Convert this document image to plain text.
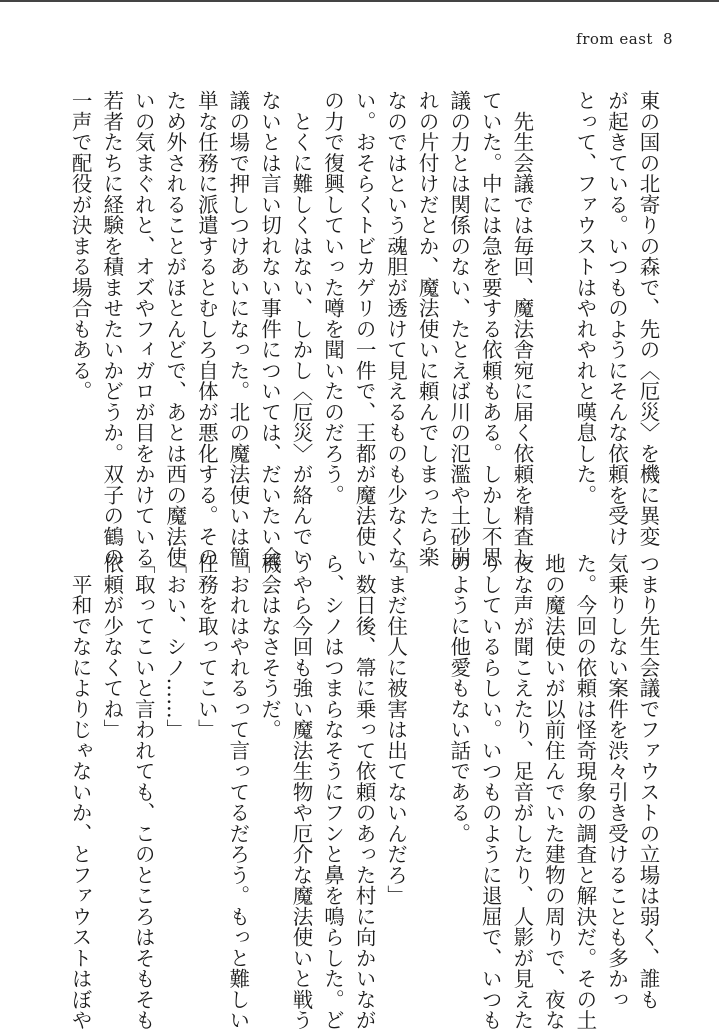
from east 8
東の国の北寄りの森で、先の〈厄災〉を機に異変
が起きている。いつものようにそんな依頼を受け
とって、ファウストはやれやれと嘆息した。
　先生会議では毎回、魔法舎宛に届く依頼を精査し
ていた。中には急を要する依頼もある。しかし不思
議の力とは関係のない、たとえば川の氾濫や土砂崩
れの片付けだとか、魔法使いに頼んでしまったら楽
なのではという魂胆が透けて見えるものも少なくな
い。おそらくトビカゲリの一件で、王都が魔法使い
の力で復興していった噂を聞いたのだろう。
　とくに難しくはない、しかし〈厄災〉が絡んでい
ないとは言い切れない事件については、だいたい会
議の場で押しつけあいになった。北の魔法使いは簡
単な任務に派遣するとむしろ自体が悪化する。その
ため外されることがほとんどで、あとは西の魔法使
いの気まぐれと、オズやフィガロが目をかけている
若者たちに経験を積ませたいかどうか。双子の鶴の
一声で配役が決まる場合もある。
つまり先生会議でファウストの立場は弱く、誰も
気乗りしない案件を渋々引き受けることも多かっ
た。今回の依頼は怪奇現象の調査と解決だ。その土
地の魔法使いが以前住んでいた建物の周りで、夜な
夜な声が聞こえたり、足音がしたり、人影が見えた
りしているらしい。いつものように退屈で、いつも
のように他愛もない話である。
「まだ住人に被害は出てないんだろ」
　数日後、箒に乗って依頼のあった村に向かいなが
ら、シノはつまらなそうにフンと鼻を鳴らした。ど
うやら今回も強い魔法生物や厄介な魔法使いと戦う
機会はなさそうだ。
「おれはやれるって言ってるだろう。もっと難しい
任務を取ってこい」
「おい、シノ……」
「取ってこいと言われても、このところはそもそも
依頼が少なくてね」
　平和でなによりじゃないか、とファウストはぼや
